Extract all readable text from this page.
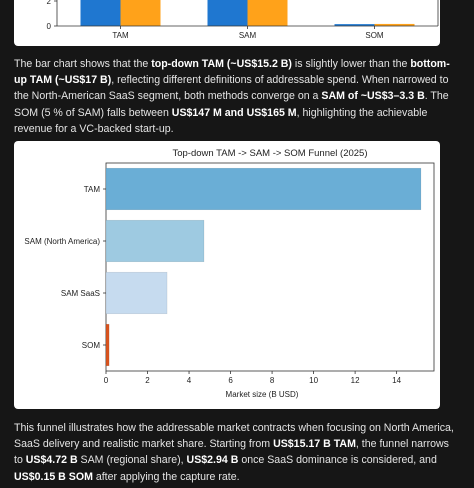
0
2
TAM	SAM	SOM

The bar chart shows that the top-down TAM (~US$15.2 B) is slightly lower than the bottom-up TAM (~US$17 B), reflecting different definitions of addressable spend. When narrowed to the North-American SaaS segment, both methods converge on a SAM of ~US$3–3.3 B. The SOM (5 % of SAM) falls between US$147 M and US$165 M, highlighting the achievable revenue for a VC-backed start-up.

Top-down TAM -> SAM -> SOM Funnel (2025)
TAM
SAM (North America)
SAM SaaS
SOM
0	2	4	6	8	10	12	14
Market size (B USD)

This funnel illustrates how the addressable market contracts when focusing on North America, SaaS delivery and realistic market share. Starting from US$15.17 B TAM, the funnel narrows to US$4.72 B SAM (regional share), US$2.94 B once SaaS dominance is considered, and US$0.15 B SOM after applying the capture rate.
